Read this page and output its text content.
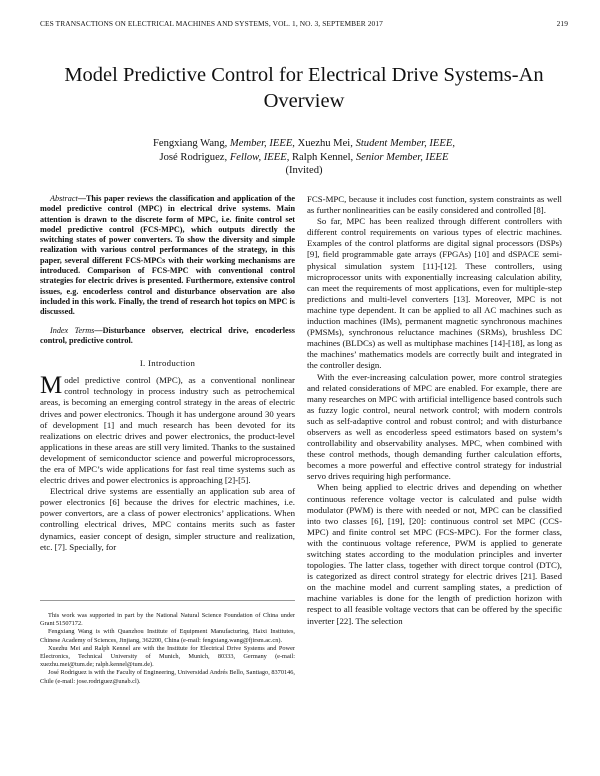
CES TRANSACTIONS ON ELECTRICAL MACHINES AND SYSTEMS, VOL. 1, NO. 3, SEPTEMBER 2017	219
Model Predictive Control for Electrical Drive Systems-An Overview
Fengxiang Wang, Member, IEEE, Xuezhu Mei, Student Member, IEEE,
José Rodriguez, Fellow, IEEE, Ralph Kennel, Senior Member, IEEE
(Invited)

Abstract—This paper reviews the classification and application of the model predictive control (MPC) in electrical drive systems. Main attention is drawn to the discrete form of MPC, i.e. finite control set model predictive control (FCS-MPC), which outputs directly the switching states of power converters. To show the diversity and simple realization with various control performances of the strategy, in this paper, several different FCS-MPCs with their working mechanisms are introduced. Comparison of FCS-MPC with conventional control strategies for electric drives is presented. Furthermore, extensive control issues, e.g. encoderless control and disturbance observation are also included in this work. Finally, the trend of research hot topics on MPC is discussed.

Index Terms—Disturbance observer, electrical drive, encoderless control, predictive control.

I. Introduction

Model predictive control (MPC), as a conventional nonlinear control technology in process industry such as petrochemical areas, is becoming an emerging control strategy in the areas of electric drives and power electronics. Though it has undergone around 30 years of development [1] and much research has been devoted for its realizations on electric drives and power electronics, the product-level applications in these areas are still very limited. Thanks to the sustained development of semiconductor science and powerful microprocessors, the era of MPC’s wide applications for fast real time systems such as electric drives and power electronics is approaching [2]-[5].

Electrical drive systems are essentially an application sub area of power electronics [6] because the drives for electric machines, i.e. power convertors, are a class of power electronics’ applications. When controlling electrical drives, MPC contains merits such as faster dynamics, easier concept of design, simpler structure and realization, etc. [7]. Specially, for

FCS-MPC, because it includes cost function, system constraints as well as further nonlinearities can be easily considered and controlled [8].

So far, MPC has been realized through different controllers with different control requirements on various types of electric machines. Examples of the control platforms are digital signal processors (DSPs) [9], field programmable gate arrays (FPGAs) [10] and dSPACE semi-physical simulation system [11]-[12]. These controllers, using microprocessor units with exponentially increasing calculation ability, can meet the requirements of most applications, even for multiple-step predictions and multi-level converters [13]. Moreover, MPC is not machine type dependent. It can be applied to all AC machines such as induction machines (IMs), permanent magnetic synchronous machines (PMSMs), synchronous reluctance machines (SRMs), brushless DC machines (BLDCs) as well as multiphase machines [14]-[18], as long as the machines’ mathematics models are correctly built and integrated in the controller design.

With the ever-increasing calculation power, more control strategies and related considerations of MPC are enabled. For example, there are many researches on MPC with artificial intelligence based controls such as fuzzy logic control, neural network control; with modern controls such as self-adaptive control and robust control; and with disturbance observers as well as encoderless speed estimators based on system’s controllability and observability analyses. MPC, when combined with these control methods, though demanding further calculation efforts, becomes a more powerful and effective control strategy for industrial servo drives requiring high performance.

When being applied to electric drives and depending on whether continuous reference voltage vector is calculated and pulse width modulator (PWM) is there with needed or not, MPC can be classified into two classes [6], [19], [20]: continuous control set MPC (CCS-MPC) and finite control set MPC (FCS-MPC). For the former class, with the continuous voltage reference, PWM is applied to generate switching states according to the modulation principles and inverter topologies. The latter class, together with direct torque control (DTC), is categorized as direct control strategy for electric drives [21]. Based on the machine model and current sampling states, a prediction of machine variables is done for the length of prediction horizon with respect to all feasible voltage vectors that can be offered by the specific inverter [22]. The selection

This work was supported in part by the National Natural Science Foundation of China under Grant 51507172.

Fengxiang Wang is with Quanzhou Institute of Equipment Manufacturing, Haixi Institutes, Chinese Academy of Sciences, Jinjiang, 362200, China (e-mail: fengxiang.wang@fjirsm.ac.cn).

Xuezhu Mei and Ralph Kennel are with the Institute for Electrical Drive Systems and Power Electronics, Technical University of Munich, Munich, 80333, Germany (e-mail: xuezhu.mei@tum.de; ralph.kennel@tum.de).

José Rodriguez is with the Faculty of Engineering, Universidad Andrés Bello, Santiago, 8370146, Chile (e-mail: jose.rodriguez@unab.cl).
